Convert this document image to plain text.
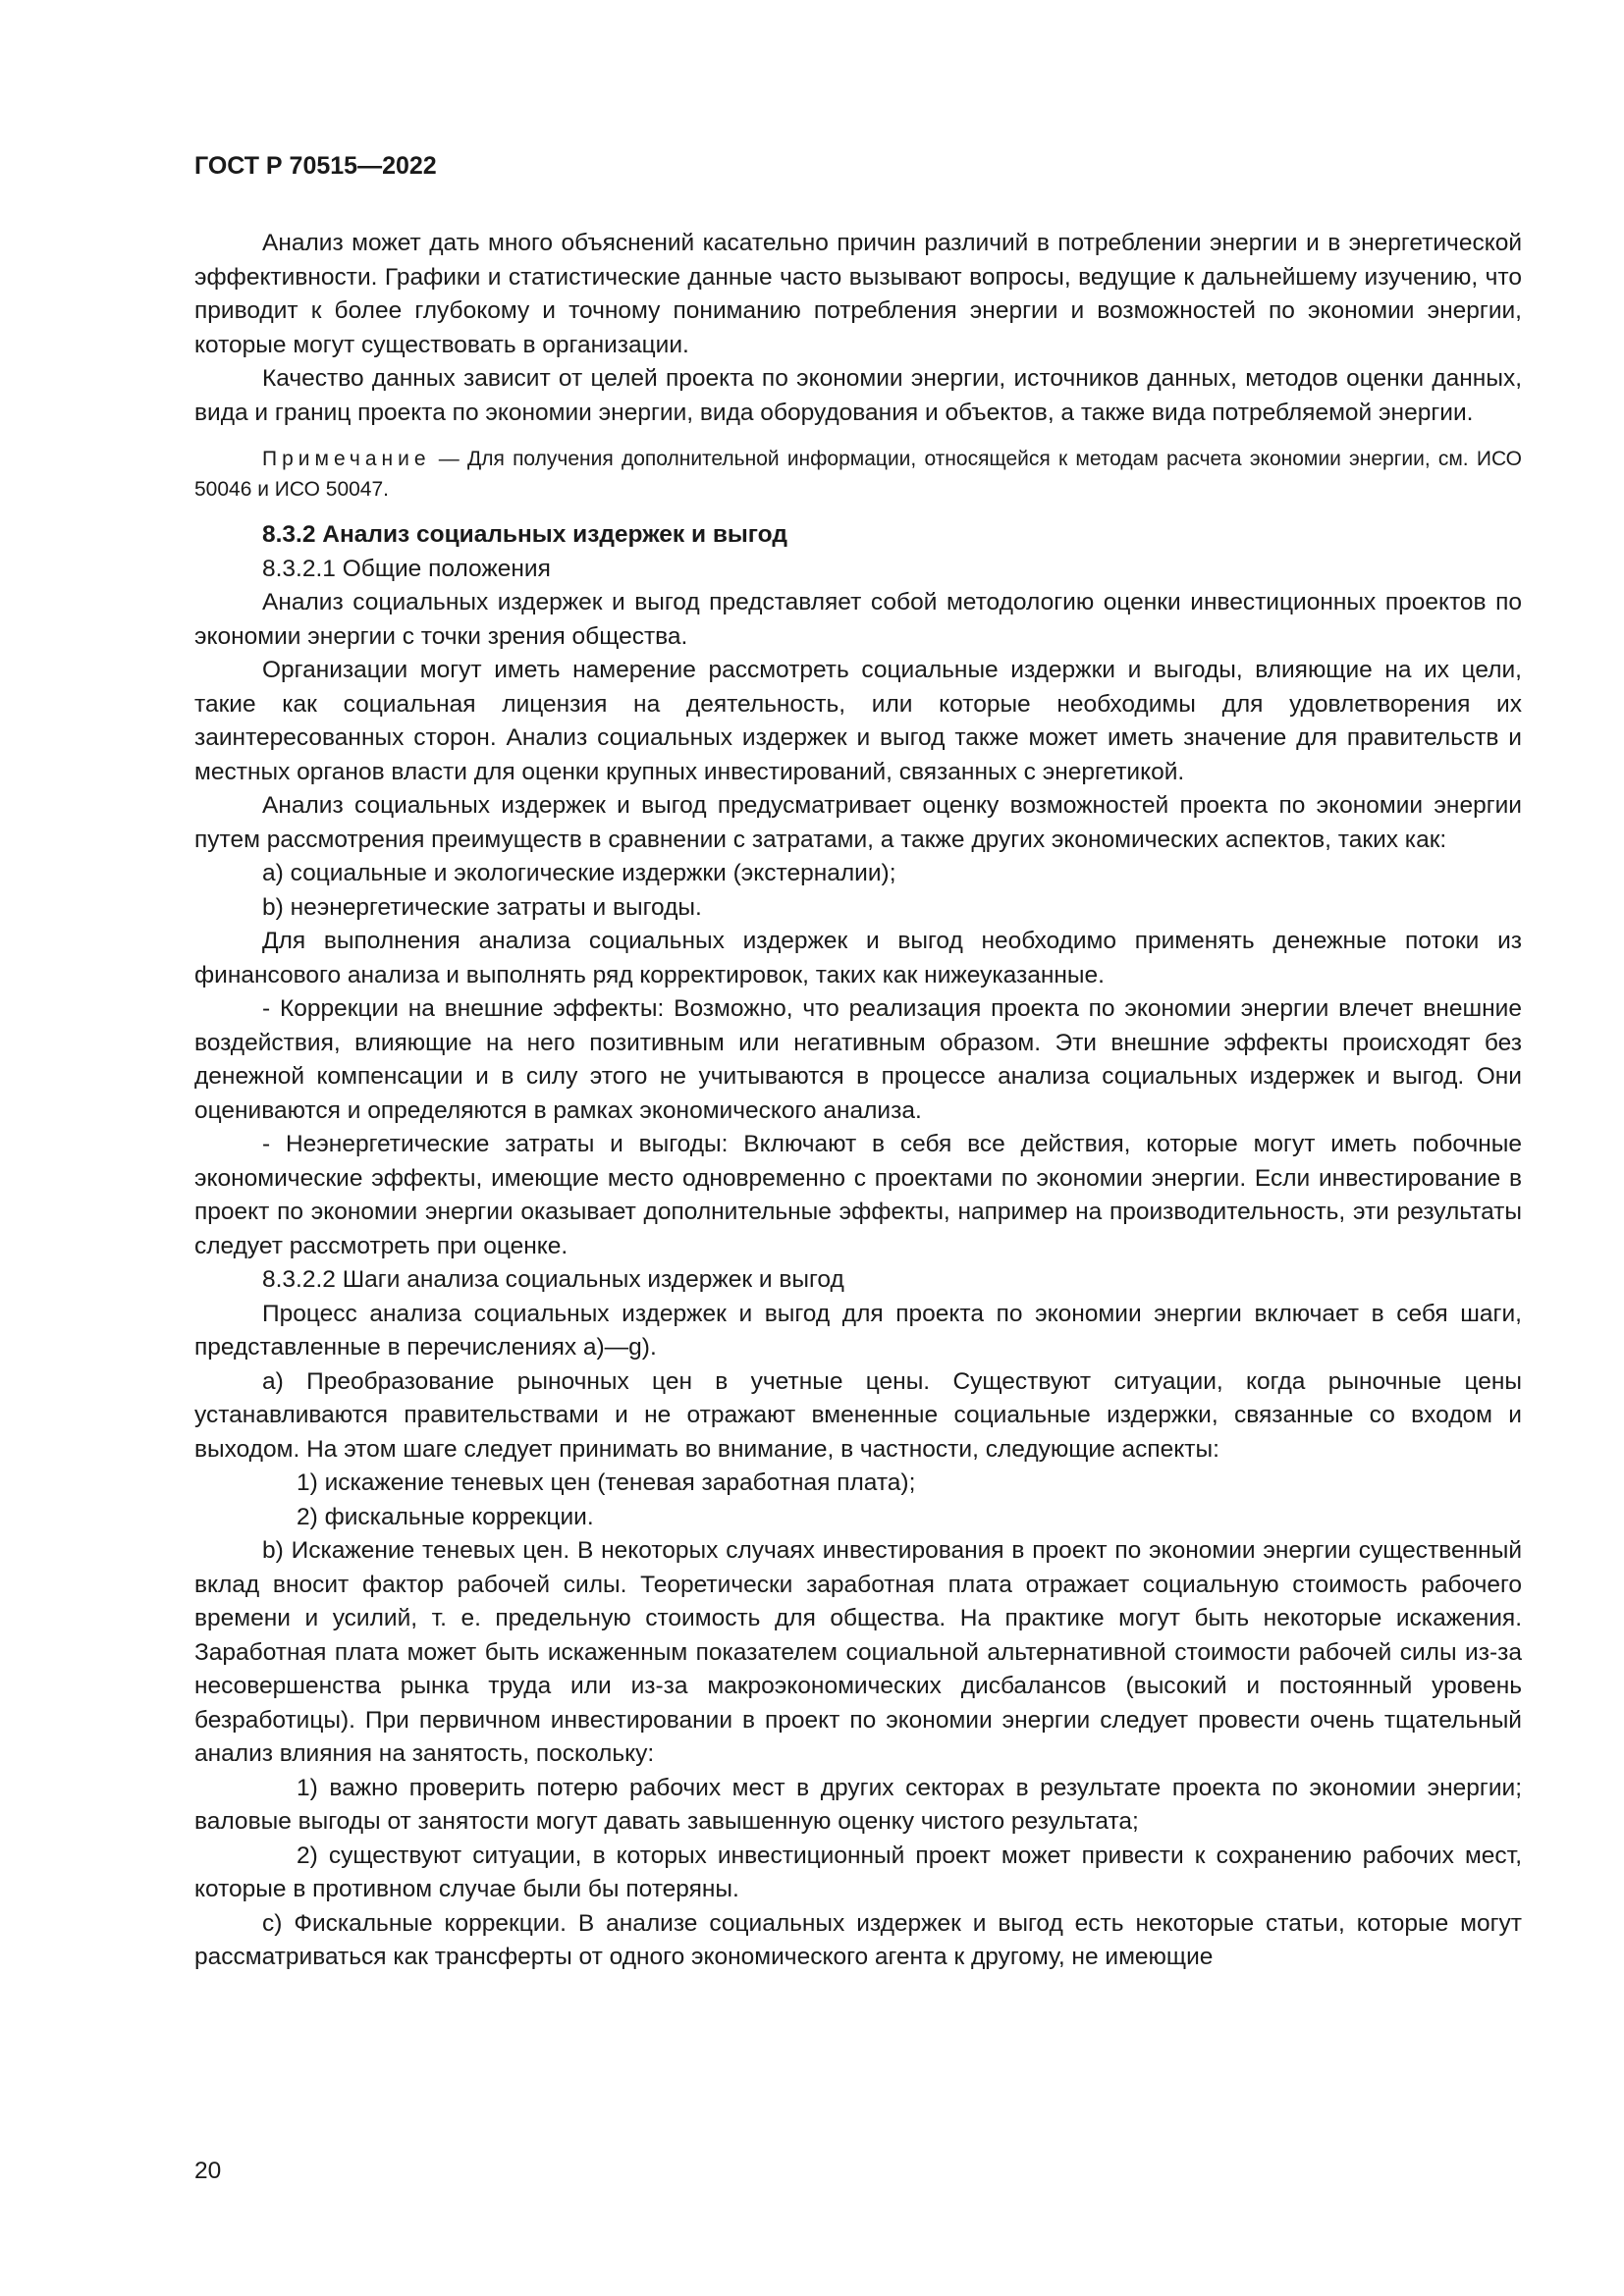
ГОСТ Р 70515—2022

Анализ может дать много объяснений касательно причин различий в потреблении энергии и в энергетической эффективности. Графики и статистические данные часто вызывают вопросы, ведущие к дальнейшему изучению, что приводит к более глубокому и точному пониманию потребления энергии и возможностей по экономии энергии, которые могут существовать в организации.

Качество данных зависит от целей проекта по экономии энергии, источников данных, методов оценки данных, вида и границ проекта по экономии энергии, вида оборудования и объектов, а также вида потребляемой энергии.

Примечание — Для получения дополнительной информации, относящейся к методам расчета экономии энергии, см. ИСО 50046 и ИСО 50047.

8.3.2 Анализ социальных издержек и выгод

8.3.2.1 Общие положения

Анализ социальных издержек и выгод представляет собой методологию оценки инвестиционных проектов по экономии энергии с точки зрения общества.

Организации могут иметь намерение рассмотреть социальные издержки и выгоды, влияющие на их цели, такие как социальная лицензия на деятельность, или которые необходимы для удовлетворения их заинтересованных сторон. Анализ социальных издержек и выгод также может иметь значение для правительств и местных органов власти для оценки крупных инвестирований, связанных с энергетикой.

Анализ социальных издержек и выгод предусматривает оценку возможностей проекта по экономии энергии путем рассмотрения преимуществ в сравнении с затратами, а также других экономических аспектов, таких как:

a) социальные и экологические издержки (экстерналии);

b) неэнергетические затраты и выгоды.

Для выполнения анализа социальных издержек и выгод необходимо применять денежные потоки из финансового анализа и выполнять ряд корректировок, таких как нижеуказанные.

- Коррекции на внешние эффекты: Возможно, что реализация проекта по экономии энергии влечет внешние воздействия, влияющие на него позитивным или негативным образом. Эти внешние эффекты происходят без денежной компенсации и в силу этого не учитываются в процессе анализа социальных издержек и выгод. Они оцениваются и определяются в рамках экономического анализа.

- Неэнергетические затраты и выгоды: Включают в себя все действия, которые могут иметь побочные экономические эффекты, имеющие место одновременно с проектами по экономии энергии. Если инвестирование в проект по экономии энергии оказывает дополнительные эффекты, например на производительность, эти результаты следует рассмотреть при оценке.

8.3.2.2 Шаги анализа социальных издержек и выгод

Процесс анализа социальных издержек и выгод для проекта по экономии энергии включает в себя шаги, представленные в перечислениях а)—g).

а) Преобразование рыночных цен в учетные цены. Существуют ситуации, когда рыночные цены устанавливаются правительствами и не отражают вмененные социальные издержки, связанные со входом и выходом. На этом шаге следует принимать во внимание, в частности, следующие аспекты:

1) искажение теневых цен (теневая заработная плата);

2) фискальные коррекции.

b) Искажение теневых цен. В некоторых случаях инвестирования в проект по экономии энергии существенный вклад вносит фактор рабочей силы. Теоретически заработная плата отражает социальную стоимость рабочего времени и усилий, т. е. предельную стоимость для общества. На практике могут быть некоторые искажения. Заработная плата может быть искаженным показателем социальной альтернативной стоимости рабочей силы из-за несовершенства рынка труда или из-за макроэкономических дисбалансов (высокий и постоянный уровень безработицы). При первичном инвестировании в проект по экономии энергии следует провести очень тщательный анализ влияния на занятость, поскольку:

1) важно проверить потерю рабочих мест в других секторах в результате проекта по экономии энергии; валовые выгоды от занятости могут давать завышенную оценку чистого результата;

2) существуют ситуации, в которых инвестиционный проект может привести к сохранению рабочих мест, которые в противном случае были бы потеряны.

с) Фискальные коррекции. В анализе социальных издержек и выгод есть некоторые статьи, которые могут рассматриваться как трансферты от одного экономического агента к другому, не имеющие

20
